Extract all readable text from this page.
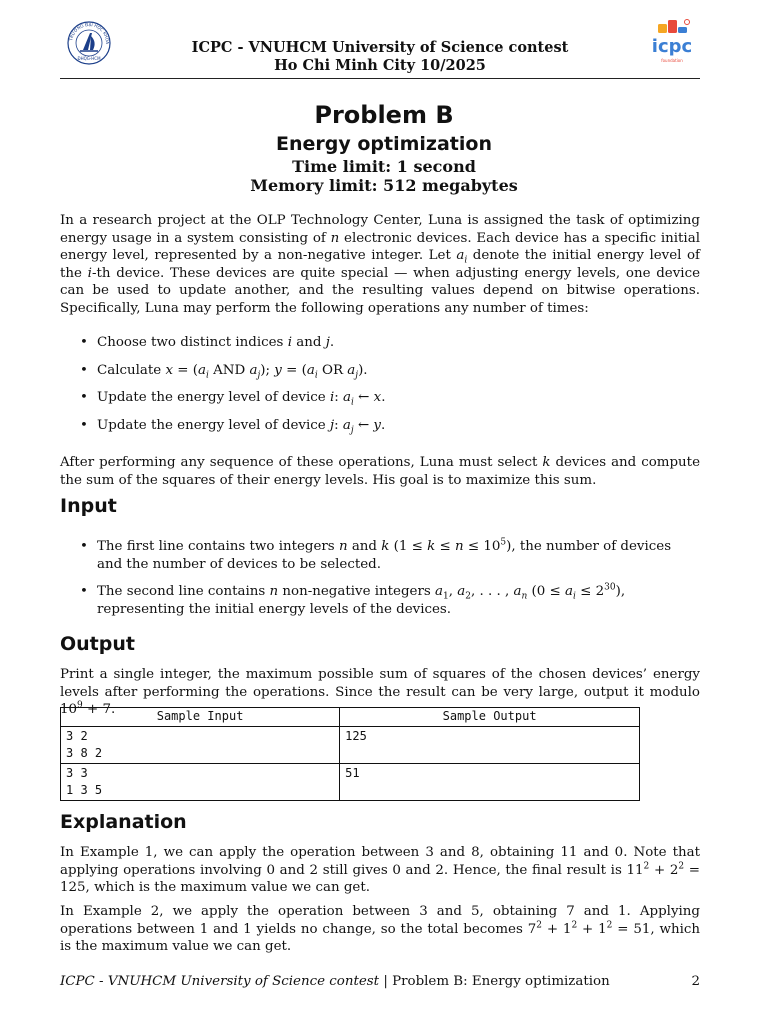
TRƯỜNG ĐẠI HỌC KHOA
ĐHQG-HCM
ICPC - VNUHCM University of Science contest
Ho Chi Minh City 10/2025
icpc
foundation
Problem B
Energy optimization
Time limit: 1 second
Memory limit: 512 megabytes

In a research project at the OLP Technology Center, Luna is assigned the task of optimizing energy usage in a system consisting of n electronic devices. Each device has a specific initial energy level, represented by a non-negative integer. Let $a_i$ denote the initial energy level of the i-th device. These devices are quite special — when adjusting energy levels, one device can be used to update another, and the resulting values depend on bitwise operations. Specifically, Luna may perform the following operations any number of times:

• Choose two distinct indices i and j.
• Calculate $x = (a_i$ AND $a_j$); $y = (a_i$ OR $a_j$).
• Update the energy level of device i: $a_i$ ← x.
• Update the energy level of device j: $a_j$ ← y.

After performing any sequence of these operations, Luna must select k devices and compute the sum of the squares of their energy levels. His goal is to maximize this sum.

Input
• The first line contains two integers n and k $(1 \le k \le n \le 10^5)$, the number of devices and the number of devices to be selected.
• The second line contains n non-negative integers $a_1$, $a_2$, . . . , $a_n$ $(0 \le a_i \le 2^{30})$, representing the initial energy levels of the devices.
Output

Print a single integer, the maximum possible sum of squares of the chosen devices’ energy levels after performing the operations. Since the result can be very large, output it modulo $10^9 + 7$.	Sample Input	Sample Output
3 2
3 8 2	125
3 3
1 3 5	51
Explanation

In Example 1, we can apply the operation between 3 and 8, obtaining 11 and 0. Note that applying operations involving 0 and 2 still gives 0 and 2. Hence, the final result is $11^2 + 2^2 = 125$, which is the maximum value we can get.

In Example 2, we apply the operation between 3 and 5, obtaining 7 and 1. Applying operations between 1 and 1 yields no change, so the total becomes $7^2 + 1^2 + 1^2 = 51$, which is the maximum value we can get.

ICPC - VNUHCM University of Science contest | Problem B: Energy optimization	2
